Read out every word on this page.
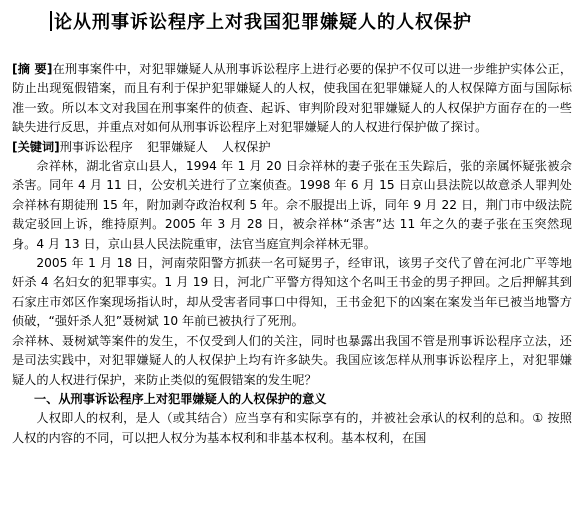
论从刑事诉讼程序上对我国犯罪嫌疑人的人权保护

[摘 要]在刑事案件中，对犯罪嫌疑人从刑事诉讼程序上进行必要的保护不仅可以进一步维护实体公正，防止出现冤假错案，而且有利于保护犯罪嫌疑人的人权，使我国在犯罪嫌疑人的人权保障方面与国际标准一致。所以本文对我国在刑事案件的侦查、起诉、审判阶段对犯罪嫌疑人的人权保护方面存在的一些缺失进行反思，并重点对如何从刑事诉讼程序上对犯罪嫌疑人的人权进行保护做了探讨。

[关键词]刑事诉讼程序 犯罪嫌疑人 人权保护

佘祥林，湖北省京山县人，1994 年 1 月 20 日佘祥林的妻子张在玉失踪后，张的亲属怀疑张被佘杀害。同年 4 月 11 日，公安机关进行了立案侦查。1998 年 6 月 15 日京山县法院以故意杀人罪判处佘祥林有期徒刑 15 年，附加剥夺政治权利 5 年。佘不服提出上诉，同年 9 月 22 日，荆门市中级法院裁定驳回上诉，维持原判。2005 年 3 月 28 日，被佘祥林“杀害”达 11 年之久的妻子张在玉突然现身。4 月 13 日，京山县人民法院重审，法官当庭宣判佘祥林无罪。

2005 年 1 月 18 日，河南荥阳警方抓获一名可疑男子，经审讯，该男子交代了曾在河北广平等地奸杀 4 名妇女的犯罪事实。1 月 19 日，河北广平警方得知这个名叫王书金的男子押回。之后押解其到石家庄市郊区作案现场指认时，却从受害者同事口中得知，王书金犯下的凶案在案发当年已被当地警方侦破，“强奸杀人犯”聂树斌 10 年前已被执行了死刑。

佘祥林、聂树斌等案件的发生，不仅受到人们的关注，同时也暴露出我国不管是刑事诉讼程序立法，还是司法实践中，对犯罪嫌疑人的人权保护上均有许多缺失。我国应该怎样从刑事诉讼程序上，对犯罪嫌疑人的人权进行保护，来防止类似的冤假错案的发生呢？

一、从刑事诉讼程序上对犯罪嫌疑人的人权保护的意义

人权即人的权利，是人（或其结合）应当享有和实际享有的，并被社会承认的权利的总和。① 按照人权的内容的不同，可以把人权分为基本权利和非基本权利。基本权利，在国
